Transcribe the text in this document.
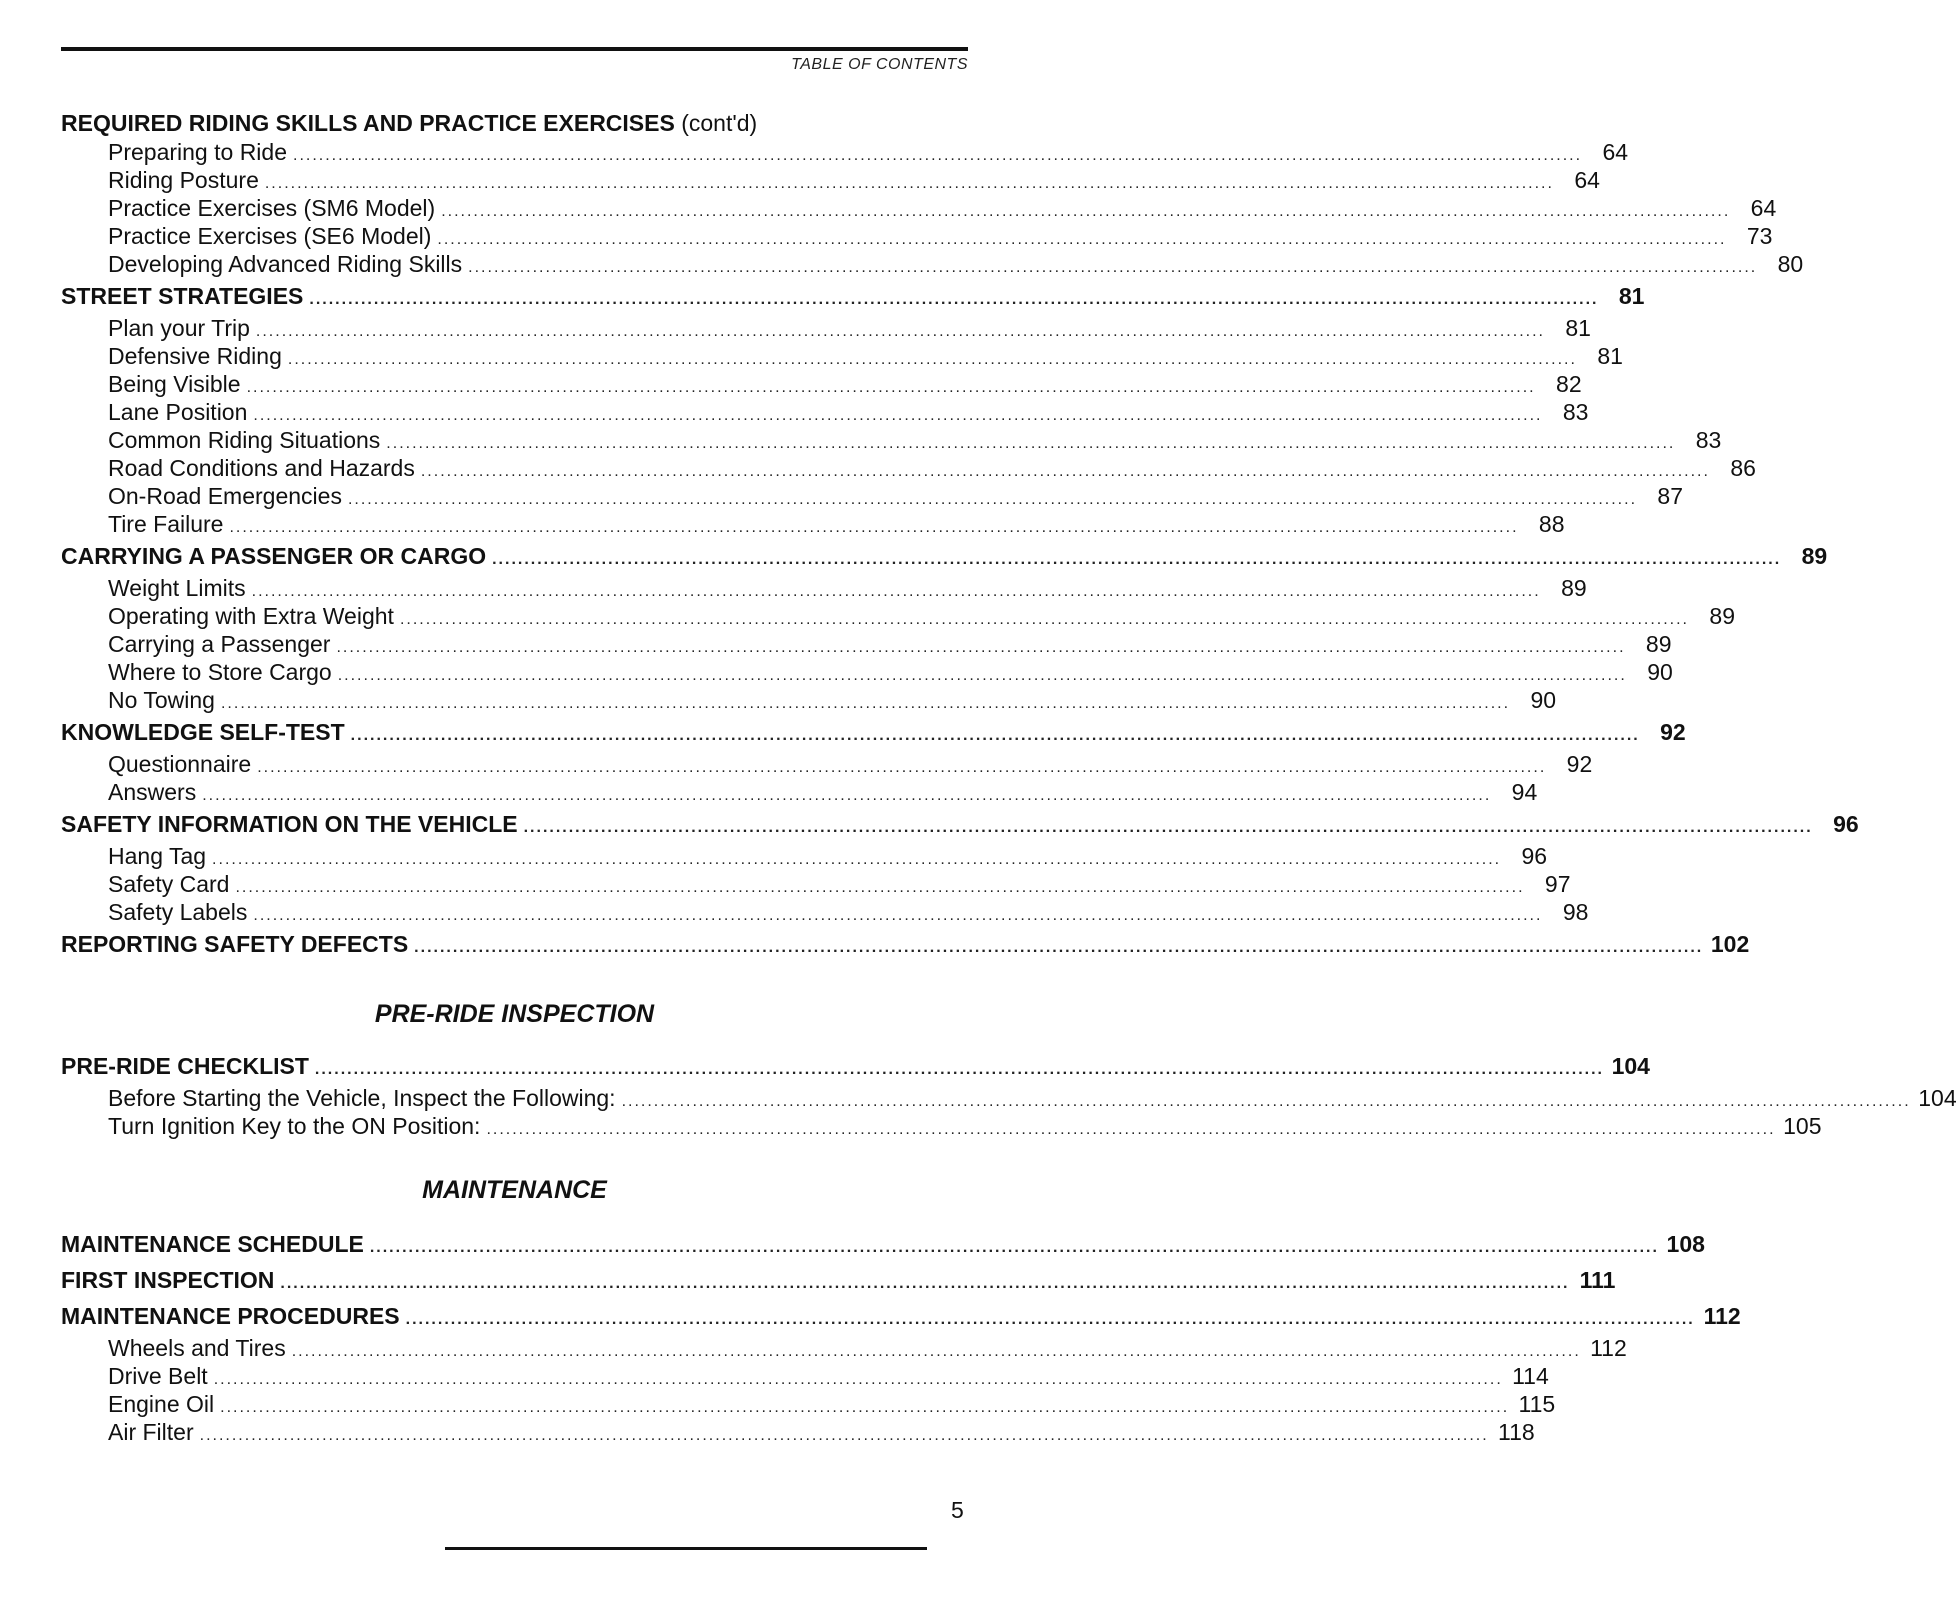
TABLE OF CONTENTS
REQUIRED RIDING SKILLS AND PRACTICE EXERCISES (cont'd)
Preparing to Ride ........................................................................................................................................................................................................ 64
Riding Posture ........................................................................................................................................................................................................ 64
Practice Exercises (SM6 Model) ........................................................................................................................................................................................................ 64
Practice Exercises (SE6 Model) ........................................................................................................................................................................................................ 73
Developing Advanced Riding Skills ........................................................................................................................................................................................................ 80
STREET STRATEGIES ........................................................................................................................................................................................................ 81
Plan your Trip ........................................................................................................................................................................................................ 81
Defensive Riding ........................................................................................................................................................................................................ 81
Being Visible ........................................................................................................................................................................................................ 82
Lane Position ........................................................................................................................................................................................................ 83
Common Riding Situations ........................................................................................................................................................................................................ 83
Road Conditions and Hazards ........................................................................................................................................................................................................ 86
On-Road Emergencies ........................................................................................................................................................................................................ 87
Tire Failure ........................................................................................................................................................................................................ 88
CARRYING A PASSENGER OR CARGO ........................................................................................................................................................................................................ 89
Weight Limits ........................................................................................................................................................................................................ 89
Operating with Extra Weight ........................................................................................................................................................................................................ 89
Carrying a Passenger ........................................................................................................................................................................................................ 89
Where to Store Cargo ........................................................................................................................................................................................................ 90
No Towing ........................................................................................................................................................................................................ 90
KNOWLEDGE SELF-TEST ........................................................................................................................................................................................................ 92
Questionnaire ........................................................................................................................................................................................................ 92
Answers ........................................................................................................................................................................................................ 94
SAFETY INFORMATION ON THE VEHICLE ........................................................................................................................................................................................................ 96
Hang Tag ........................................................................................................................................................................................................ 96
Safety Card ........................................................................................................................................................................................................ 97
Safety Labels ........................................................................................................................................................................................................ 98
REPORTING SAFETY DEFECTS ........................................................................................................................................................................................................ 102
PRE-RIDE INSPECTION
PRE-RIDE CHECKLIST ........................................................................................................................................................................................................ 104
Before Starting the Vehicle, Inspect the Following: ........................................................................................................................................................................................................ 104
Turn Ignition Key to the ON Position: ........................................................................................................................................................................................................ 105
MAINTENANCE
MAINTENANCE SCHEDULE ........................................................................................................................................................................................................ 108
FIRST INSPECTION ........................................................................................................................................................................................................ 111
MAINTENANCE PROCEDURES ........................................................................................................................................................................................................ 112
Wheels and Tires ........................................................................................................................................................................................................ 112
Drive Belt ........................................................................................................................................................................................................ 114
Engine Oil ........................................................................................................................................................................................................ 115
Air Filter ........................................................................................................................................................................................................ 118
5
